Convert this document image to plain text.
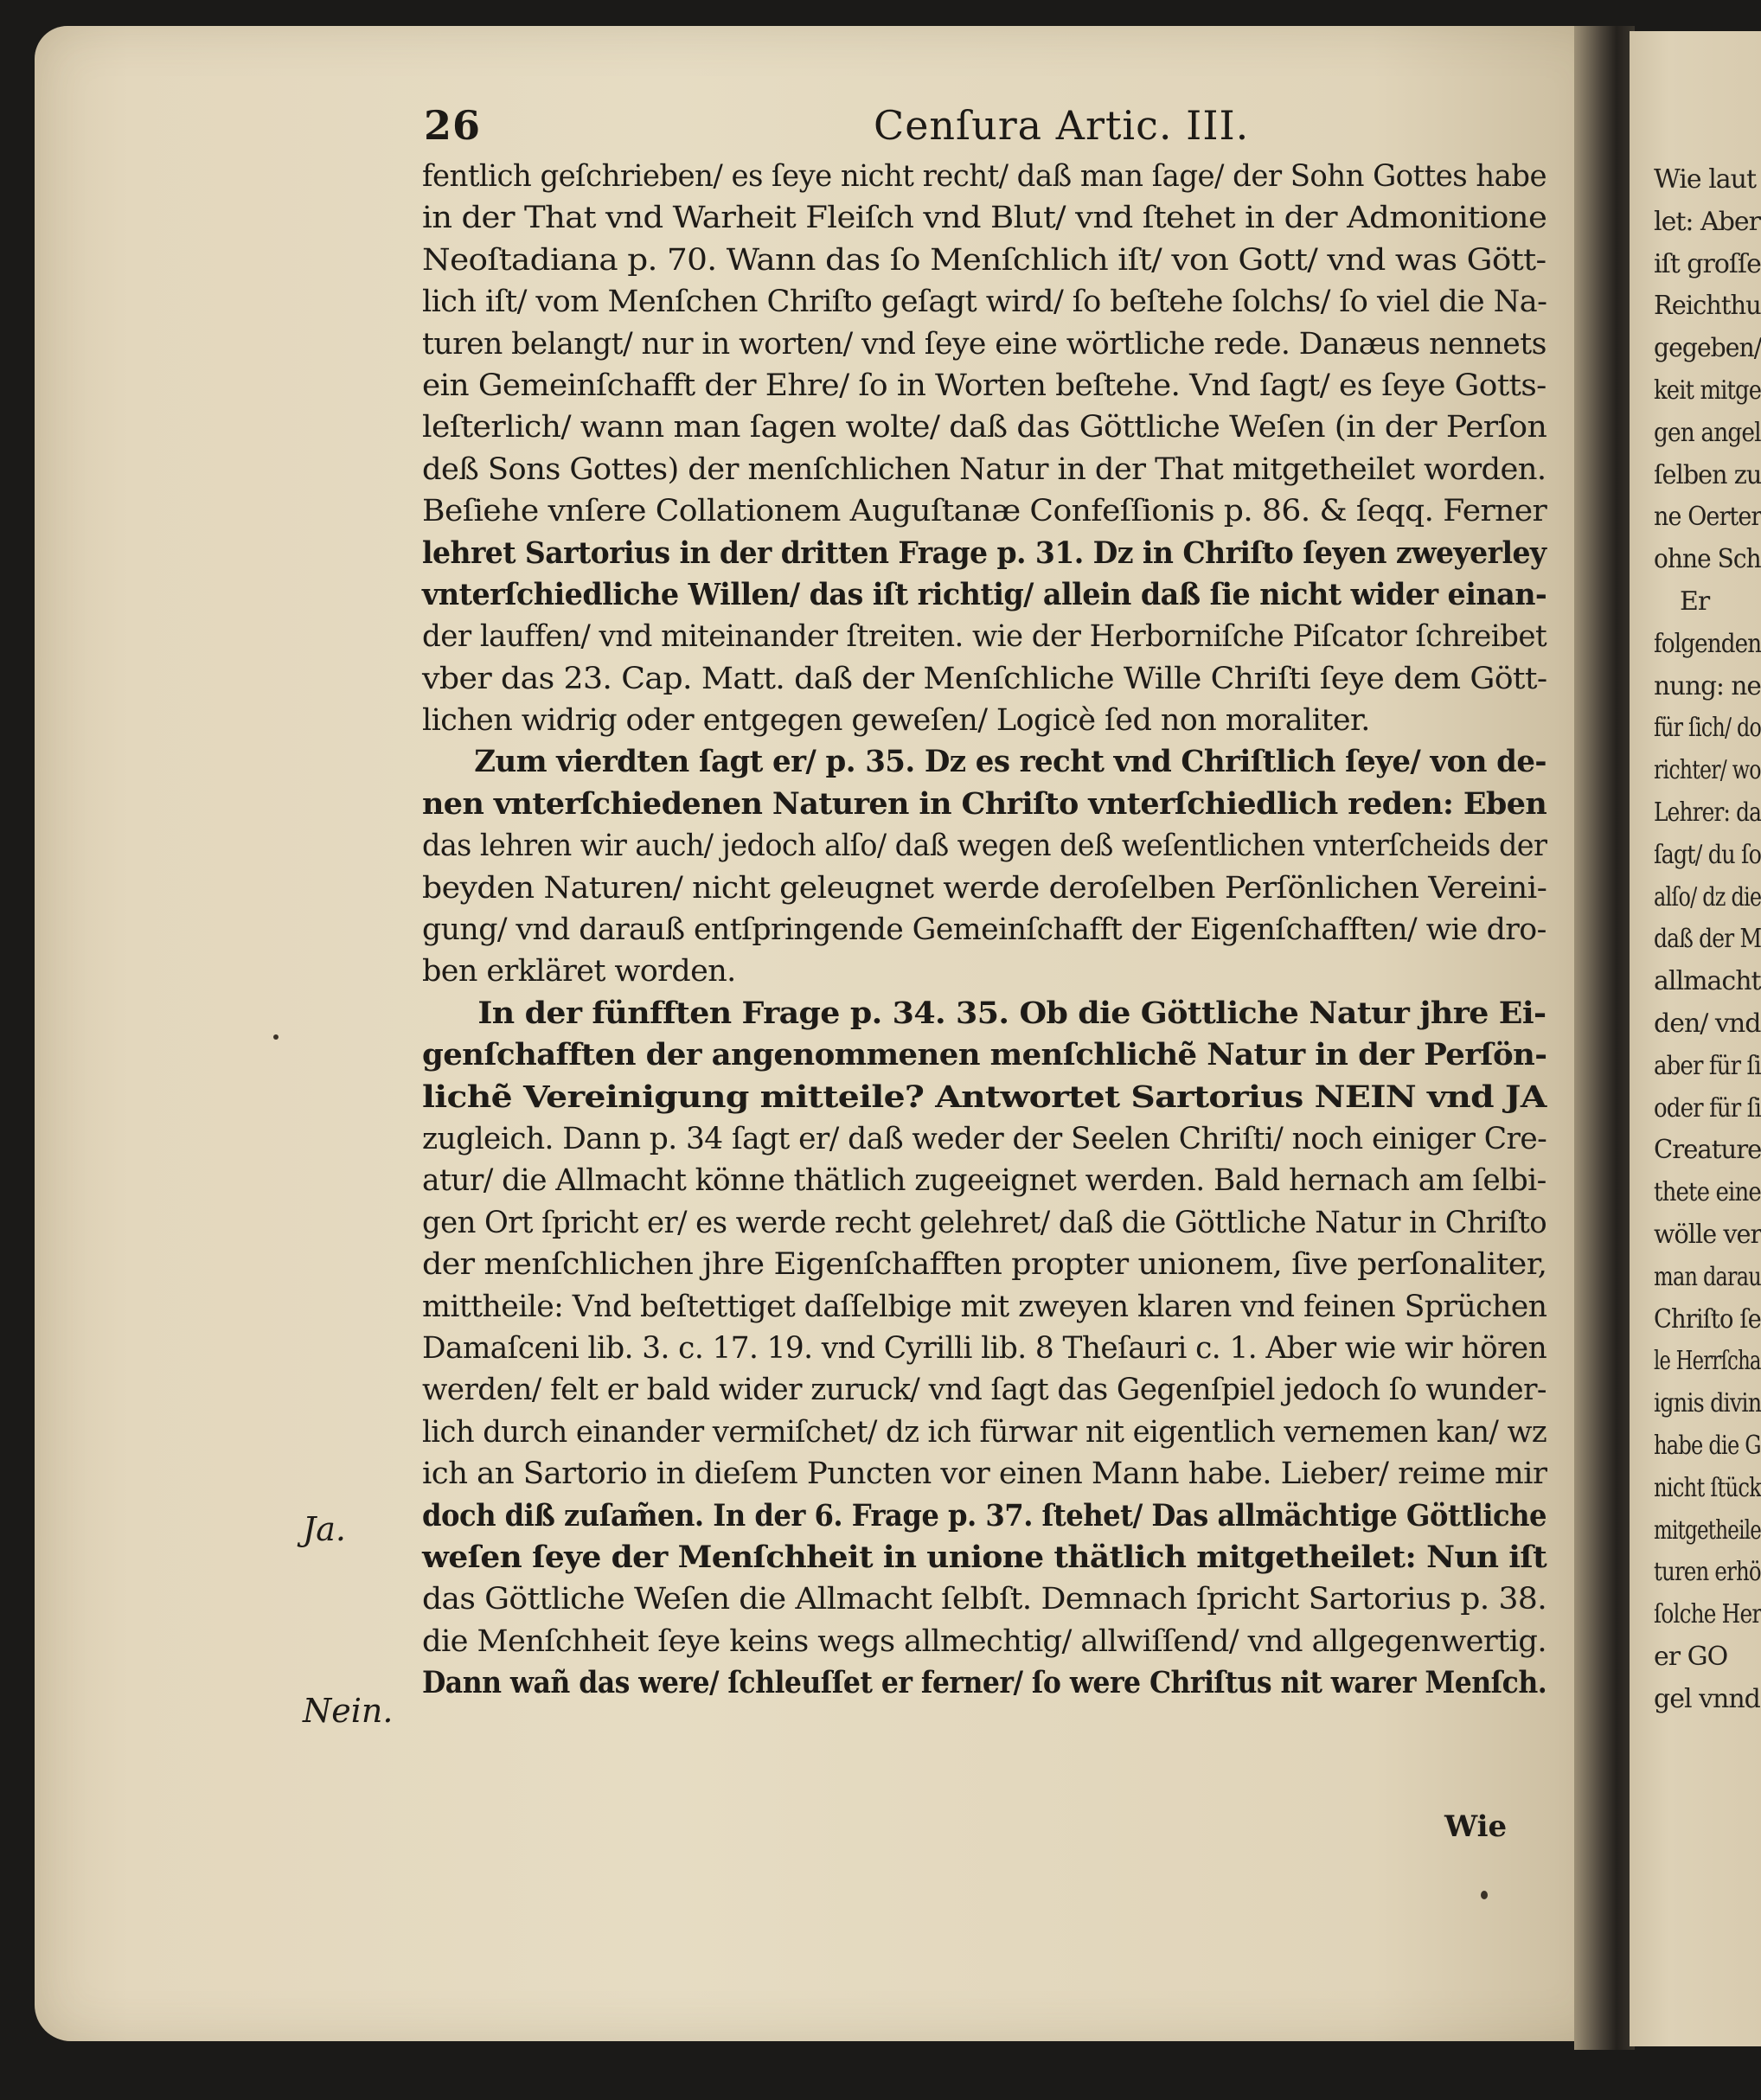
26	Cenſura Artic. III.
fentlich geſchrieben/ es ſeye nicht recht/ daß man ſage/ der Sohn Gottes habe
in der That vnd Warheit Fleiſch vnd Blut/ vnd ſtehet in der Admonitione
Neoſtadiana p. 70. Wann das ſo Menſchlich iſt/ von Gott/ vnd was Gött-
lich iſt/ vom Menſchen Chriſto geſagt wird/ ſo beſtehe ſolchs/ ſo viel die Na-
turen belangt/ nur in worten/ vnd ſeye eine wörtliche rede. Danæus nennets
ein Gemeinſchafft der Ehre/ ſo in Worten beſtehe. Vnd ſagt/ es ſeye Gotts-
leſterlich/ wann man ſagen wolte/ daß das Göttliche Weſen (in der Perſon
deß Sons Gottes) der menſchlichen Natur in der That mitgetheilet worden.
Beſiehe vnſere Collationem Auguſtanæ Confeſſionis p. 86. & ſeqq. Ferner
lehret Sartorius in der dritten Frage p. 31. Dz in Chriſto ſeyen zweyerley
vnterſchiedliche Willen/ das iſt richtig/ allein daß ſie nicht wider einan-
der lauffen/ vnd miteinander ſtreiten. wie der Herborniſche Piſcator ſchreibet
vber das 23. Cap. Matt. daß der Menſchliche Wille Chriſti ſeye dem Gött-
lichen widrig oder entgegen geweſen/ Logicè ſed non moraliter.
Zum vierdten ſagt er/ p. 35. Dz es recht vnd Chriſtlich ſeye/ von de-
nen vnterſchiedenen Naturen in Chriſto vnterſchiedlich reden: Eben
das lehren wir auch/ jedoch alſo/ daß wegen deß weſentlichen vnterſcheids der
beyden Naturen/ nicht geleugnet werde deroſelben Perſönlichen Vereini-
gung/ vnd darauß entſpringende Gemeinſchafft der Eigenſchafften/ wie dro-
ben erkläret worden.
In der fünfften Frage p. 34. 35. Ob die Göttliche Natur jhre Ei-
genſchafften der angenommenen menſchlichẽ Natur in der Perſön-
lichẽ Vereinigung mitteile? Antwortet Sartorius NEIN vnd JA
zugleich. Dann p. 34 ſagt er/ daß weder der Seelen Chriſti/ noch einiger Cre-
atur/ die Allmacht könne thätlich zugeeignet werden. Bald hernach am ſelbi-
gen Ort ſpricht er/ es werde recht gelehret/ daß die Göttliche Natur in Chriſto
der menſchlichen jhre Eigenſchafften propter unionem, ſive perſonaliter,
mittheile: Vnd beſtettiget daſſelbige mit zweyen klaren vnd feinen Sprüchen
Damaſceni lib. 3. c. 17. 19. vnd Cyrilli lib. 8 Theſauri c. 1. Aber wie wir hören
werden/ felt er bald wider zuruck/ vnd ſagt das Gegenſpiel jedoch ſo wunder-
lich durch einander vermiſchet/ dz ich fürwar nit eigentlich vernemen kan/ wz
ich an Sartorio in dieſem Puncten vor einen Mann habe. Lieber/ reime mir
doch diß zuſam̃en. In der 6. Frage p. 37. ſtehet/ Das allmächtige Göttliche
weſen ſeye der Menſchheit in unione thätlich mitgetheilet: Nun iſt
das Göttliche Weſen die Allmacht ſelbſt. Demnach ſpricht Sartorius p. 38.
die Menſchheit ſeye keins wegs allmechtig/ allwiſſend/ vnd allgegenwertig.
Dann wañ das were/ ſchleuſſet er ferner/ ſo were Chriſtus nit warer Menſch.
Wie
Ja.
Nein.
Wie laut
let: Aber
iſt groſſe
Reichthu
gegeben/
keit mitge
gen angel
ſelben zu
ne Oerter
ohne Sch
Er
folgenden
nung: ne
für ſich/ do
richter/ wo
Lehrer: da
ſagt/ du ſo
alſo/ dz die
daß der M
allmacht
den/ vnd
aber für ſi
oder für ſi
Creature
thete eine
wölle ver
man darau
Chriſto ſe
le Herrſcha
ignis divin
habe die G
nicht ſtück
mitgetheile
turen erhö
ſolche Her
er GO
gel vnnd
